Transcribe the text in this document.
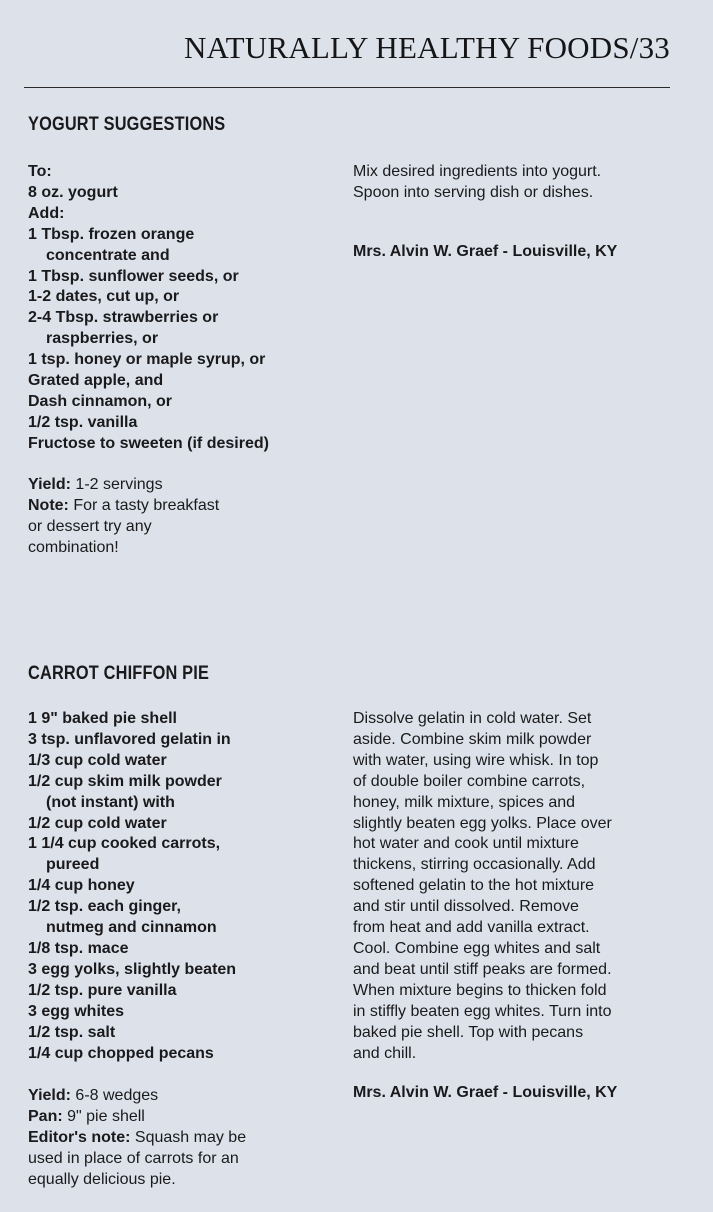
NATURALLY HEALTHY FOODS/33
YOGURT SUGGESTIONS
To:
8 oz. yogurt
Add:
1 Tbsp. frozen orange
concentrate and
1 Tbsp. sunflower seeds, or
1-2 dates, cut up, or
2-4 Tbsp. strawberries or
raspberries, or
1 tsp. honey or maple syrup, or
Grated apple, and
Dash cinnamon, or
1/2 tsp. vanilla
Fructose to sweeten (if desired)
Mix desired ingredients into yogurt.
Spoon into serving dish or dishes.
Mrs. Alvin W. Graef - Louisville, KY
Yield: 1-2 servings
Note: For a tasty breakfast
or dessert try any
combination!
CARROT CHIFFON PIE
1 9" baked pie shell
3 tsp. unflavored gelatin in
1/3 cup cold water
1/2 cup skim milk powder
(not instant) with
1/2 cup cold water
1 1/4 cup cooked carrots,
pureed
1/4 cup honey
1/2 tsp. each ginger,
nutmeg and cinnamon
1/8 tsp. mace
3 egg yolks, slightly beaten
1/2 tsp. pure vanilla
3 egg whites
1/2 tsp. salt
1/4 cup chopped pecans
Dissolve gelatin in cold water. Set
aside. Combine skim milk powder
with water, using wire whisk. In top
of double boiler combine carrots,
honey, milk mixture, spices and
slightly beaten egg yolks. Place over
hot water and cook until mixture
thickens, stirring occasionally. Add
softened gelatin to the hot mixture
and stir until dissolved. Remove
from heat and add vanilla extract.
Cool. Combine egg whites and salt
and beat until stiff peaks are formed.
When mixture begins to thicken fold
in stiffly beaten egg whites. Turn into
baked pie shell. Top with pecans
and chill.
Mrs. Alvin W. Graef - Louisville, KY
Yield: 6-8 wedges
Pan: 9" pie shell
Editor's note: Squash may be
used in place of carrots for an
equally delicious pie.
